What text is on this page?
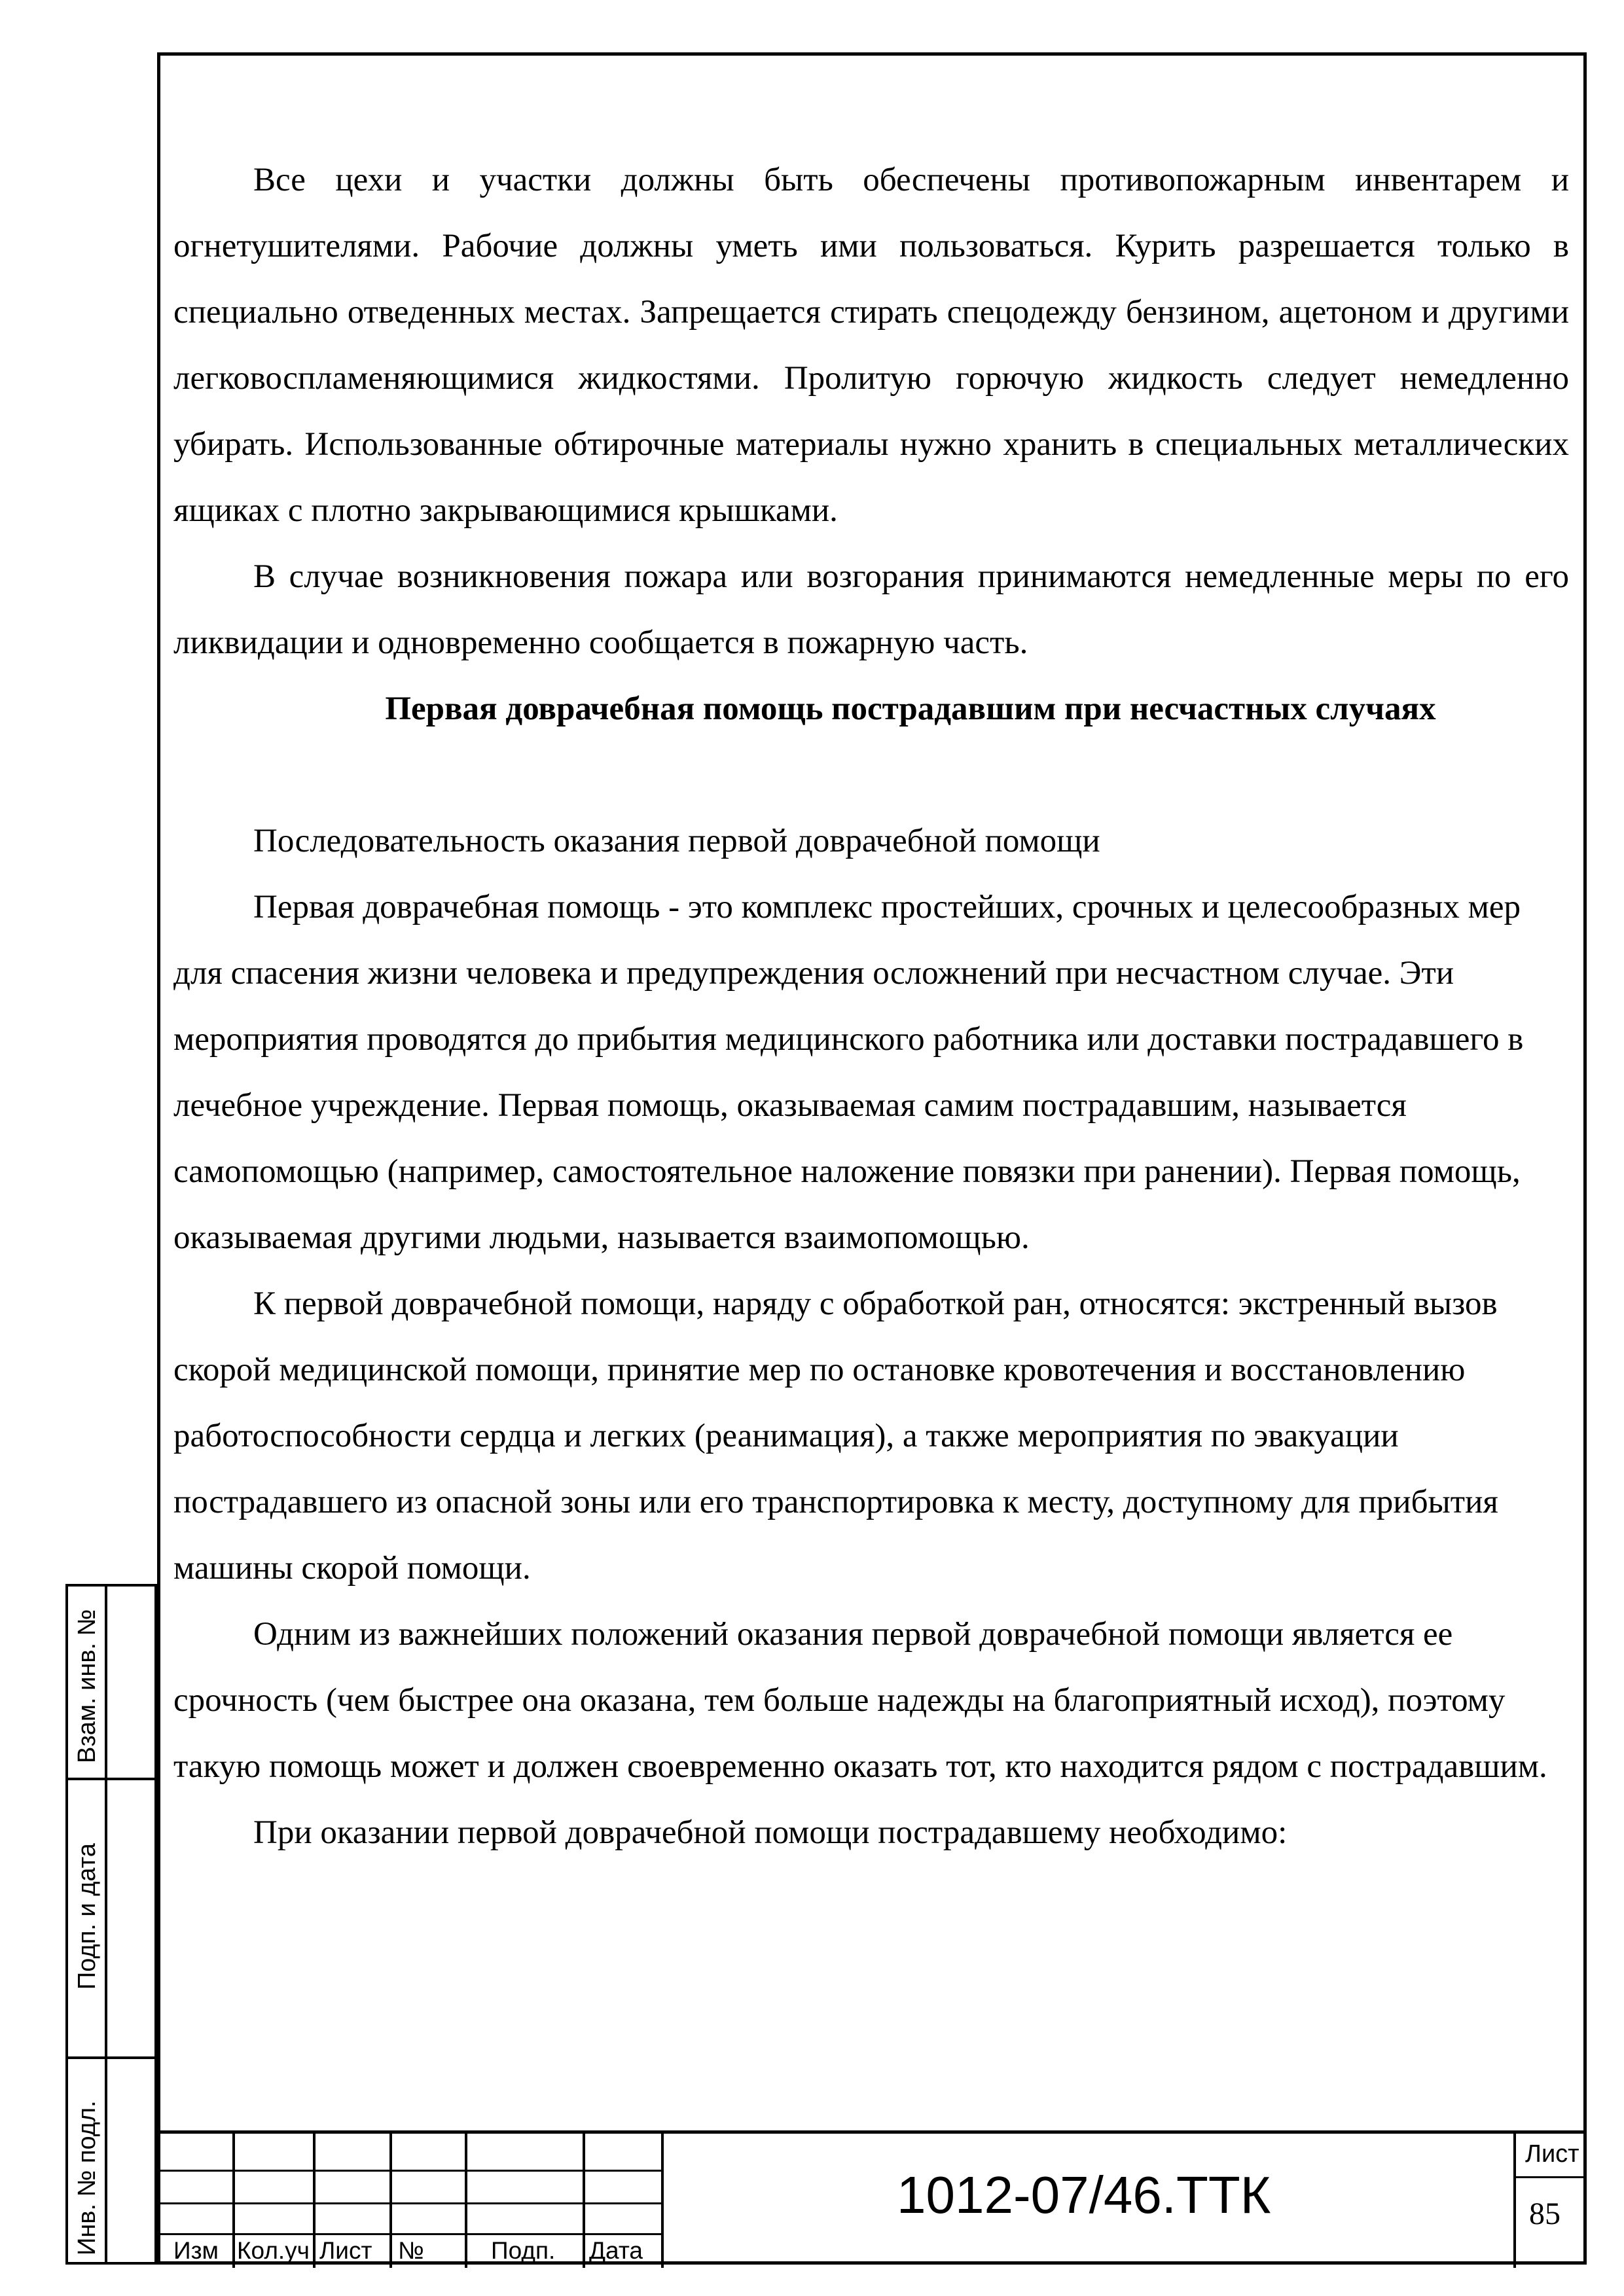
Все цехи и участки должны быть обеспечены противопожарным инвентарем и огнетушителями. Рабочие должны уметь ими пользоваться. Курить разрешается только в специально отведенных местах. Запрещается стирать спецодежду бензином, ацетоном и другими легковоспламеняющимися жидкостями. Пролитую горючую жидкость следует немедленно убирать. Использованные обтирочные материалы нужно хранить в специальных металлических ящиках с плотно закрывающимися крышками.

В случае возникновения пожара или возгорания принимаются немедленные меры по его ликвидации и одновременно сообщается в пожарную часть.

Первая доврачебная помощь пострадавшим при несчастных случаях

Последовательность оказания первой доврачебной помощи

Первая доврачебная помощь - это комплекс простейших, срочных и целесообразных мер для спасения жизни человека и предупреждения осложнений при несчастном случае. Эти мероприятия проводятся до прибытия медицинского работника или доставки пострадавшего в лечебное учреждение. Первая помощь, оказываемая самим пострадавшим, называется самопомощью (например, самостоятельное наложение повязки при ранении). Первая помощь, оказываемая другими людьми, называется взаимопомощью.

К первой доврачебной помощи, наряду с обработкой ран, относятся: экстренный вызов скорой медицинской помощи, принятие мер по остановке кровотечения и восстановлению работоспособности сердца и легких (реанимация), а также мероприятия по эвакуации пострадавшего из опасной зоны или его транспортировка к месту, доступному для прибытия машины скорой помощи.

Одним из важнейших положений оказания первой доврачебной помощи является ее срочность (чем быстрее она оказана, тем больше надежды на благоприятный исход), поэтому такую помощь может и должен своевременно оказать тот, кто находится рядом с пострадавшим.

При оказании первой доврачебной помощи пострадавшему необходимо:

Взам. инв. №
Подп. и дата
Инв. № подл.	Изм Кол.уч Лист №	Подп. Дата
1012-07/46.ТТК
Лист
85
